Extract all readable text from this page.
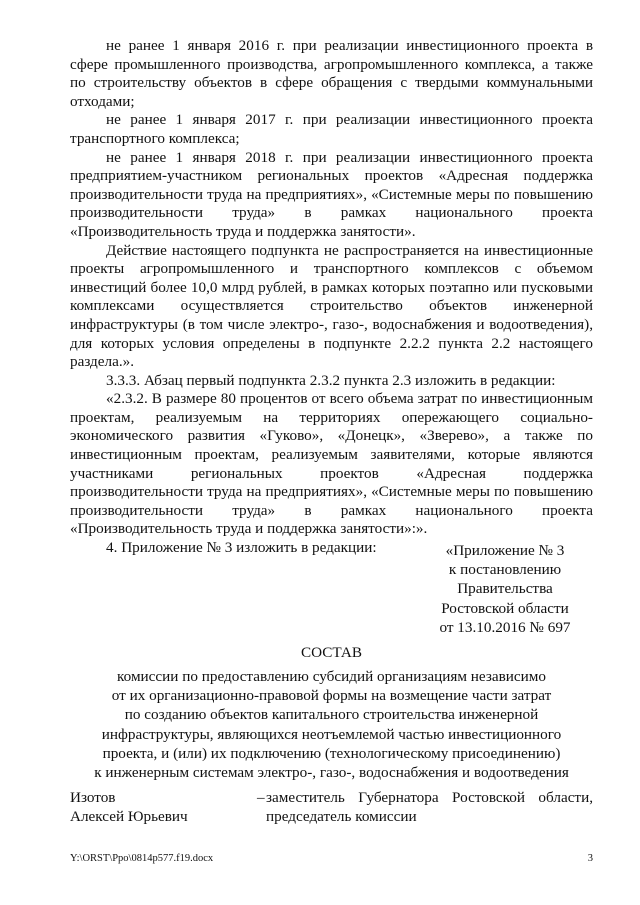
не ранее 1 января 2016 г. при реализации инвестиционного проекта в сфере промышленного производства, агропромышленного комплекса, а также по строительству объектов в сфере обращения с твердыми коммунальными отходами;

не ранее 1 января 2017 г. при реализации инвестиционного проекта транспортного комплекса;

не ранее 1 января 2018 г. при реализации инвестиционного проекта предприятием-участником региональных проектов «Адресная поддержка производительности труда на предприятиях», «Системные меры по повышению производительности труда» в рамках национального проекта «Производительность труда и поддержка занятости».

Действие настоящего подпункта не распространяется на инвестиционные проекты агропромышленного и транспортного комплексов с объемом инвестиций более 10,0 млрд рублей, в рамках которых поэтапно или пусковыми комплексами осуществляется строительство объектов инженерной инфраструктуры (в том числе электро-, газо-, водоснабжения и водоотведения), для которых условия определены в подпункте 2.2.2 пункта 2.2 настоящего раздела.».

3.3.3. Абзац первый подпункта 2.3.2 пункта 2.3 изложить в редакции:

«2.3.2. В размере 80 процентов от всего объема затрат по инвестиционным проектам, реализуемым на территориях опережающего социально-экономического развития «Гуково», «Донецк», «Зверево», а также по инвестиционным проектам, реализуемым заявителями, которые являются участниками региональных проектов «Адресная поддержка производительности труда на предприятиях», «Системные меры по повышению производительности труда» в рамках национального проекта «Производительность труда и поддержка занятости»:».

4. Приложение № 3 изложить в редакции:	«Приложение № 3
к постановлению
Правительства
Ростовской области
от 13.10.2016 № 697
СОСТАВ
комиссии по предоставлению субсидий организациям независимо
от их организационно-правовой формы на возмещение части затрат
по созданию объектов капитального строительства инженерной
инфраструктуры, являющихся неотъемлемой частью инвестиционного
проекта, и (или) их подключению (технологическому присоединению)
к инженерным системам электро-, газо-, водоснабжения и водоотведения
Изотов
Алексей Юрьевич
– заместитель Губернатора Ростовской области,
председатель комиссии
Y:\ORST\Ppo\0814p577.f19.docx	3
